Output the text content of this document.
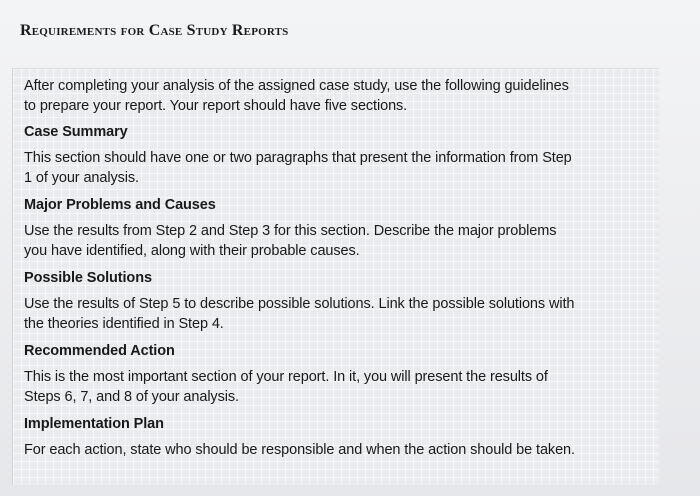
Requirements for Case Study Reports
After completing your analysis of the assigned case study, use the following guidelines
to prepare your report. Your report should have five sections.
Case Summary
This section should have one or two paragraphs that present the information from Step
1 of your analysis.
Major Problems and Causes
Use the results from Step 2 and Step 3 for this section. Describe the major problems
you have identified, along with their probable causes.
Possible Solutions
Use the results of Step 5 to describe possible solutions. Link the possible solutions with
the theories identified in Step 4.
Recommended Action
This is the most important section of your report. In it, you will present the results of
Steps 6, 7, and 8 of your analysis.
Implementation Plan
For each action, state who should be responsible and when the action should be taken.
